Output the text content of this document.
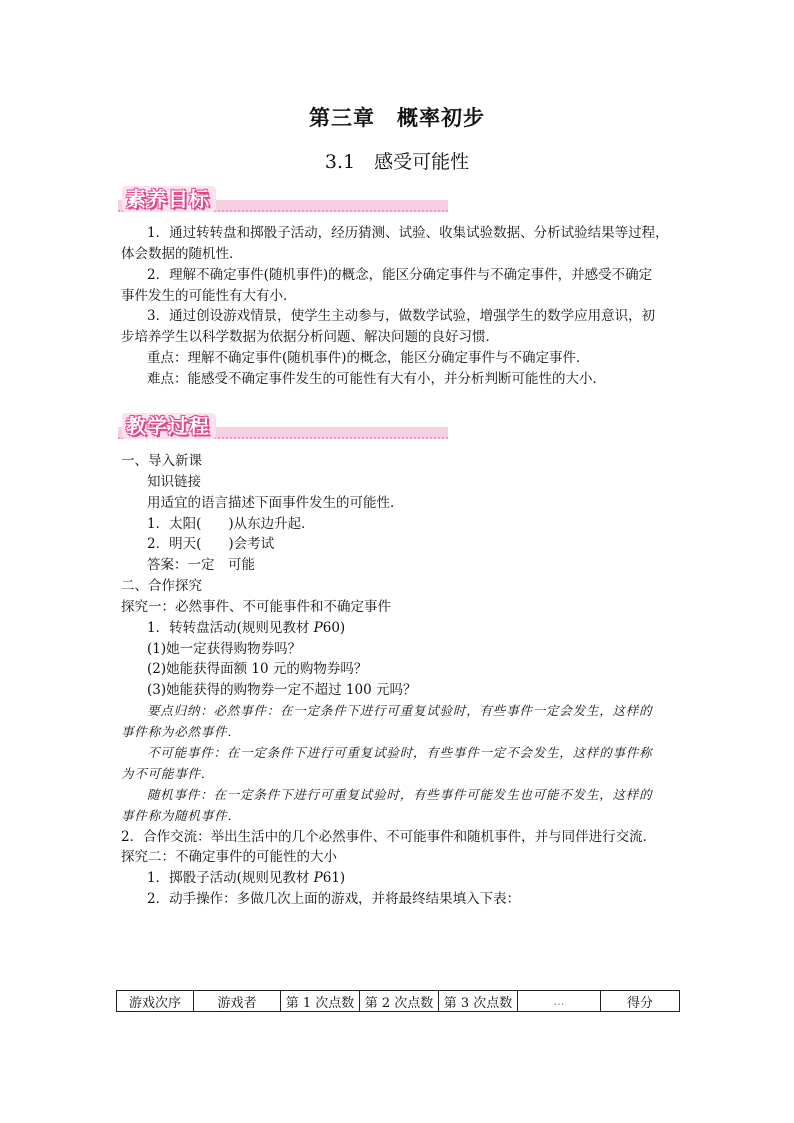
第三章　概率初步
3.1　感受可能性
素养目标
1．通过转转盘和掷骰子活动，经历猜测、试验、收集试验数据、分析试验结果等过程，
体会数据的随机性．
2．理解不确定事件(随机事件)的概念，能区分确定事件与不确定事件，并感受不确定
事件发生的可能性有大有小．
3．通过创设游戏情景，使学生主动参与，做数学试验，增强学生的数学应用意识，初
步培养学生以科学数据为依据分析问题、解决问题的良好习惯．
重点：理解不确定事件(随机事件)的概念，能区分确定事件与不确定事件．
难点：能感受不确定事件发生的可能性有大有小，并分析判断可能性的大小．
教学过程
一、导入新课
知识链接
用适宜的语言描述下面事件发生的可能性．
1．太阳(　　)从东边升起．
2．明天(　　)会考试
答案：一定　可能
二、合作探究
探究一：必然事件、不可能事件和不确定事件
1．转转盘活动(规则见教材 P60)
(1)她一定获得购物券吗？
(2)她能获得面额 10 元的购物券吗？
(3)她能获得的购物券一定不超过 100 元吗？
要点归纳：必然事件：在一定条件下进行可重复试验时，有些事件一定会发生，这样的
事件称为必然事件．
不可能事件：在一定条件下进行可重复试验时，有些事件一定不会发生，这样的事件称
为不可能事件．
随机事件：在一定条件下进行可重复试验时，有些事件可能发生也可能不发生，这样的
事件称为随机事件．
2．合作交流：举出生活中的几个必然事件、不可能事件和随机事件，并与同伴进行交流．
探究二：不确定事件的可能性的大小
1．掷骰子活动(规则见教材 P61)
2．动手操作：多做几次上面的游戏，并将最终结果填入下表：
游戏次序	游戏者	第 1 次点数	第 2 次点数	第 3 次点数	…	得分
